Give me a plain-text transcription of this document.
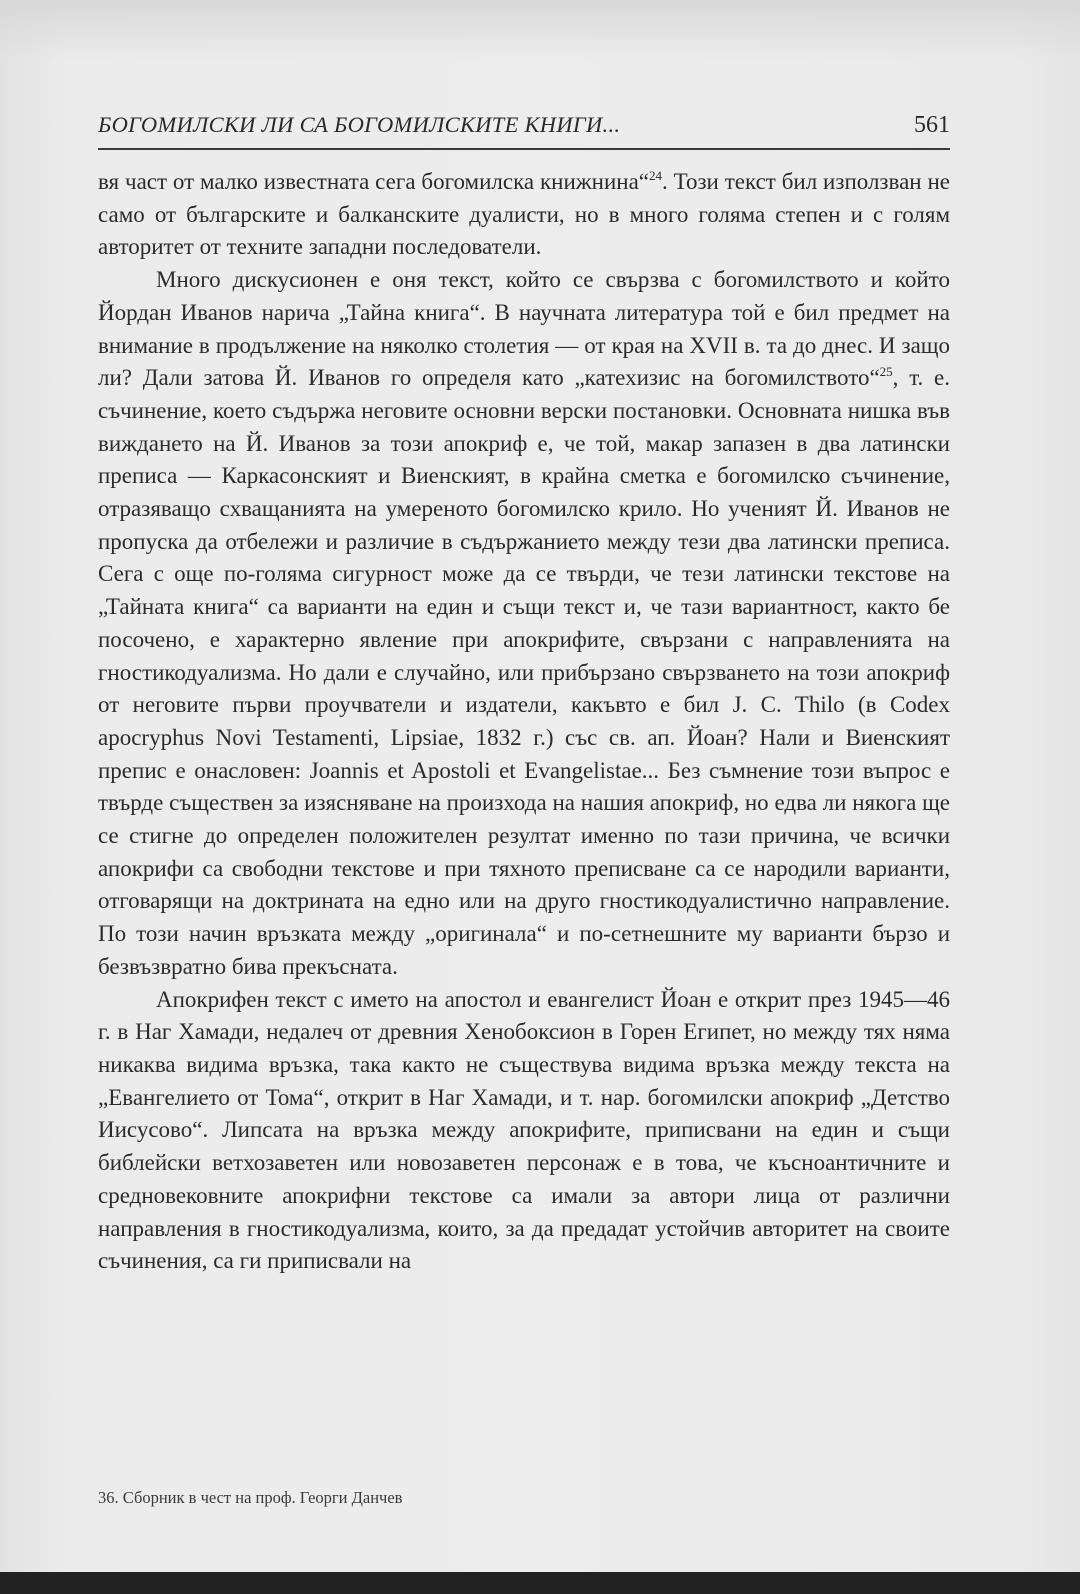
БОГОМИЛСКИ ЛИ СА БОГОМИЛСКИТЕ КНИГИ...	561

вя част от малко известната сега богомилска книжнина“$^{24}$. Този текст бил използван не само от българските и балканските дуалисти, но в много голяма степен и с голям авторитет от техните западни последователи.

Много дискусионен е оня текст, който се свързва с богомилството и който Йордан Иванов нарича „Тайна книга“. В научната литература той е бил предмет на внимание в продължение на няколко столетия — от края на XVII в. та до днес. И защо ли? Дали затова Й. Иванов го определя като „катехизис на богомилството“$^{25}$, т. е. съчинение, което съдържа неговите основни верски постановки. Основната нишка във виждането на Й. Иванов за този апокриф е, че той, макар запазен в два латински преписа — Каркасонският и Виенският, в крайна сметка е богомилско съчинение, отразяващо схващанията на умереното богомилско крило. Но ученият Й. Иванов не пропуска да отбележи и различие в съдържанието между тези два латински преписа. Сега с още по-голяма сигурност може да се твърди, че тези латински текстове на „Тайната книга“ са варианти на един и същи текст и, че тази вариантност, както бе посочено, е характерно явление при апокрифите, свързани с направленията на гностикодуализма. Но дали е случайно, или прибързано свързването на този апокриф от неговите първи проучватели и издатели, какъвто е бил J. C. Thilo (в Codex apocryphus Novi Testamenti, Lipsiae, 1832 г.) със св. ап. Йоан? Нали и Виенският препис е онасловен: Joannis et Apostoli et Evangelistae... Без съмнение този въпрос е твърде съществен за изясняване на произхода на нашия апокриф, но едва ли някога ще се стигне до определен положителен резултат именно по тази причина, че всички апокрифи са свободни текстове и при тяхното преписване са се народили варианти, отговарящи на доктрината на едно или на друго гностикодуалистично направление. По този начин връзката между „оригинала“ и по-сетнешните му варианти бързо и безвъзвратно бива прекъсната.

Апокрифен текст с името на апостол и евангелист Йоан е открит през 1945—46 г. в Наг Хамади, недалеч от древния Хенобоксион в Горен Египет, но между тях няма никаква видима връзка, така както не съществува видима връзка между текста на „Евангелието от Тома“, открит в Наг Хамади, и т. нар. богомилски апокриф „Детство Иисусово“. Липсата на връзка между апокрифите, приписвани на един и същи библейски ветхозаветен или новозаветен персонаж е в това, че късноантичните и средновековните апокрифни текстове са имали за автори лица от различни направления в гностикодуализма, които, за да предадат устойчив авторитет на своите съчинения, са ги приписвали на

36. Сборник в чест на проф. Георги Данчев
